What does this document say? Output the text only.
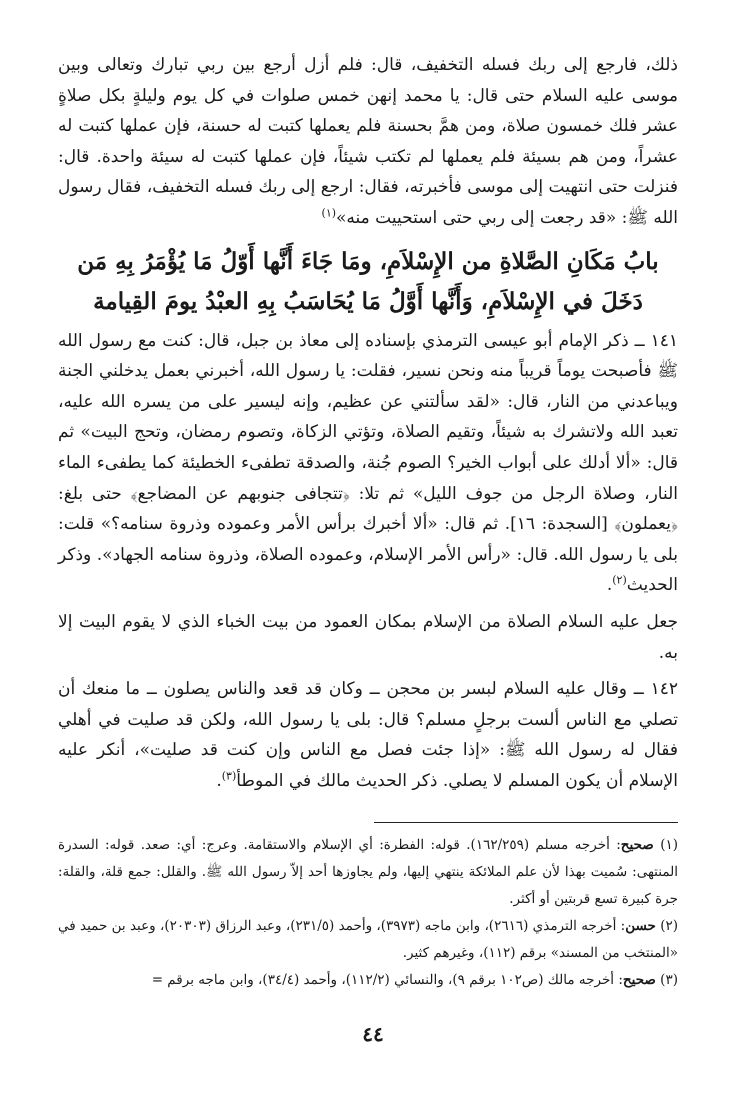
ذلك، فارجع إلى ربك فسله التخفيف، قال: فلم أزل أرجع بين ربي تبارك وتعالى وبين موسى عليه السلام حتى قال: يا محمد إنهن خمس صلوات في كل يوم وليلةٍ بكل صلاةٍ عشر فلك خمسون صلاة، ومن همَّ بحسنة فلم يعملها كتبت له حسنة، فإن عملها كتبت له عشراً، ومن هم بسيئة فلم يعملها لم تكتب شيئاً، فإن عملها كتبت له سيئة واحدة. قال: فنزلت حتى انتهيت إلى موسى فأخبرته، فقال: ارجع إلى ربك فسله التخفيف، فقال رسول الله ﷺ: «قد رجعت إلى ربي حتى استحييت منه»$^{(١)}$

بابُ مَكَانِ الصَّلاةِ من الإِسْلاَمِ، ومَا جَاءَ أَنَّها أَوّلُ مَا يُؤْمَرُ بِهِ مَن
دَخَلَ في الإِسْلاَمِ، وَأَنَّها أَوَّلُ مَا يُحَاسَبُ بِهِ العبْدُ يومَ القِيامة

١٤١ ــ ذكر الإمام أبو عيسى الترمذي بإسناده إلى معاذ بن جبل، قال: كنت مع رسول الله ﷺ فأصبحت يوماً قريباً منه ونحن نسير، فقلت: يا رسول الله، أخبرني بعمل يدخلني الجنة ويباعدني من النار، قال: «لقد سألتني عن عظيم، وإنه ليسير على من يسره الله عليه، تعبد الله ولاتشرك به شيئاً، وتقيم الصلاة، وتؤتي الزكاة، وتصوم رمضان، وتحج البيت» ثم قال: «ألا أدلك على أبواب الخير؟ الصوم جُنة، والصدقة تطفىء الخطيئة كما يطفىء الماء النار، وصلاة الرجل من جوف الليل» ثم تلا: ﴿تتجافى جنوبهم عن المضاجع﴾ حتى بلغ: ﴿يعملون﴾ [السجدة: ١٦]. ثم قال: «ألا أخبرك برأس الأمر وعموده وذروة سنامه؟» قلت: بلى يا رسول الله. قال: «رأس الأمر الإسلام، وعموده الصلاة، وذروة سنامه الجهاد». وذكر الحديث$^{(٢)}$.

جعل عليه السلام الصلاة من الإسلام بمكان العمود من بيت الخباء الذي لا يقوم البيت إلا به.

١٤٢ ــ وقال عليه السلام لبسر بن محجن ــ وكان قد قعد والناس يصلون ــ ما منعك أن تصلي مع الناس ألست برجلٍ مسلم؟ قال: بلى يا رسول الله، ولكن قد صليت في أهلي فقال له رسول الله ﷺ: «إذا جئت فصل مع الناس وإن كنت قد صليت»، أنكر عليه الإسلام أن يكون المسلم لا يصلي. ذكر الحديث مالك في الموطأ$^{(٣)}$.

(١) صحيح: أخرجه مسلم (١٦٢/٢٥٩). قوله: الفطرة: أي الإسلام والاستقامة. وعرج: أي: صعد. قوله: السدرة المنتهى: سُميت بهذا لأن علم الملائكة ينتهي إليها، ولم يجاوزها أحد إلاّ رسول الله ﷺ. والقلل: جمع قلة، والقلة: جرة كبيرة تسع قربتين أو أكثر.

(٢) حسن: أخرجه الترمذي (٢٦١٦)، وابن ماجه (٣٩٧٣)، وأحمد (٢٣١/٥)، وعبد الرزاق (٢٠٣٠٣)، وعبد بن حميد في «المنتخب من المسند» برقم (١١٢)، وغيرهم كثير.

(٣) صحيح: أخرجه مالك (ص١٠٢ برقم ٩)، والنسائي (١١٢/٢)، وأحمد (٣٤/٤)، وابن ماجه برقم =

٤٤
